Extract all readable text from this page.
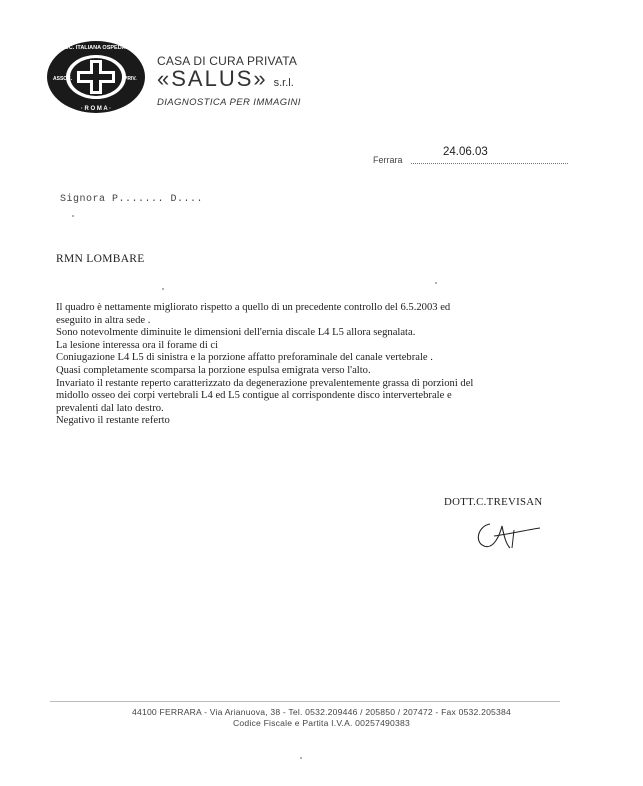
ASSOC. ITALIANA OSPEDALITA'
· R O M A ·
ASSOC.	PRIV.
CASA DI CURA PRIVATA
«SALUS» s.r.l.
DIAGNOSTICA PER IMMAGINI
Ferrara
24.06.03
Signora P....... D....
RMN LOMBARE
Il quadro è nettamente migliorato rispetto a quello di un precedente controllo del 6.5.2003 ed
eseguito in altra sede .
Sono notevolmente diminuite le dimensioni dell'ernia discale L4 L5 allora segnalata.
La lesione interessa ora il forame di ci
Coniugazione L4 L5 di sinistra e la porzione affatto preforaminale del canale vertebrale .
Quasi completamente scomparsa la porzione espulsa emigrata verso l'alto.
Invariato il restante reperto caratterizzato da degenerazione prevalentemente grassa di porzioni del
midollo osseo dei corpi vertebrali L4 ed L5 contigue al corrispondente disco intervertebrale e
prevalenti dal lato destro.
Negativo il restante referto
DOTT.C.TREVISAN
44100 FERRARA - Via Arianuova, 38 - Tel. 0532.209446 / 205850 / 207472 - Fax 0532.205384
Codice Fiscale e Partita I.V.A. 00257490383
